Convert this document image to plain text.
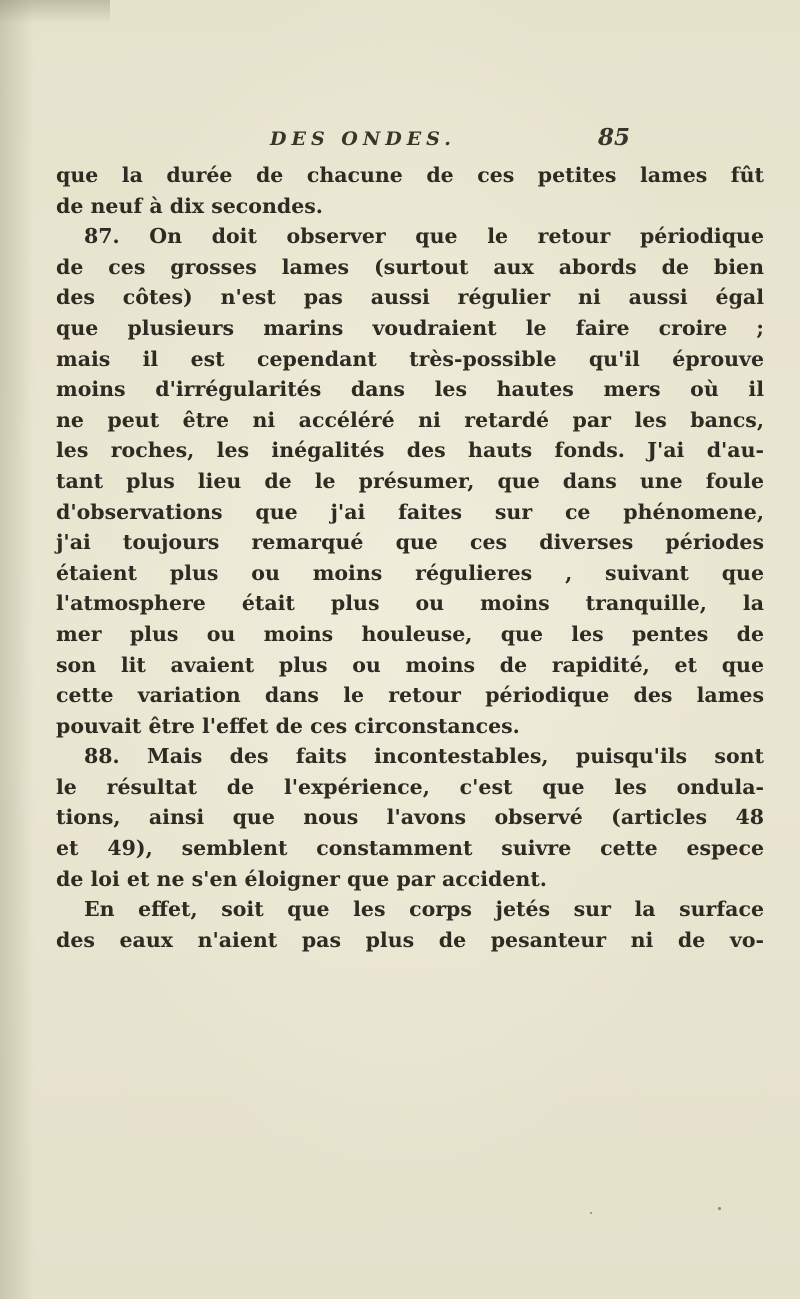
DES ONDES.	85
que la durée de chacune de ces petites lames fût
de neuf à dix secondes.
87. On doit observer que le retour périodique
de ces grosses lames (surtout aux abords de bien
des côtes) n'est pas aussi régulier ni aussi égal
que plusieurs marins voudraient le faire croire ;
mais il est cependant très-possible qu'il éprouve
moins d'irrégularités dans les hautes mers où il
ne peut être ni accéléré ni retardé par les bancs,
les roches, les inégalités des hauts fonds. J'ai d'au-
tant plus lieu de le présumer, que dans une foule
d'observations que j'ai faites sur ce phénomene,
j'ai toujours remarqué que ces diverses périodes
étaient plus ou moins régulieres , suivant que
l'atmosphere était plus ou moins tranquille, la
mer plus ou moins houleuse, que les pentes de
son lit avaient plus ou moins de rapidité, et que
cette variation dans le retour périodique des lames
pouvait être l'effet de ces circonstances.
88. Mais des faits incontestables, puisqu'ils sont
le résultat de l'expérience, c'est que les ondula-
tions, ainsi que nous l'avons observé (articles 48
et 49), semblent constamment suivre cette espece
de loi et ne s'en éloigner que par accident.
En effet, soit que les corps jetés sur la surface
des eaux n'aient pas plus de pesanteur ni de vo-
